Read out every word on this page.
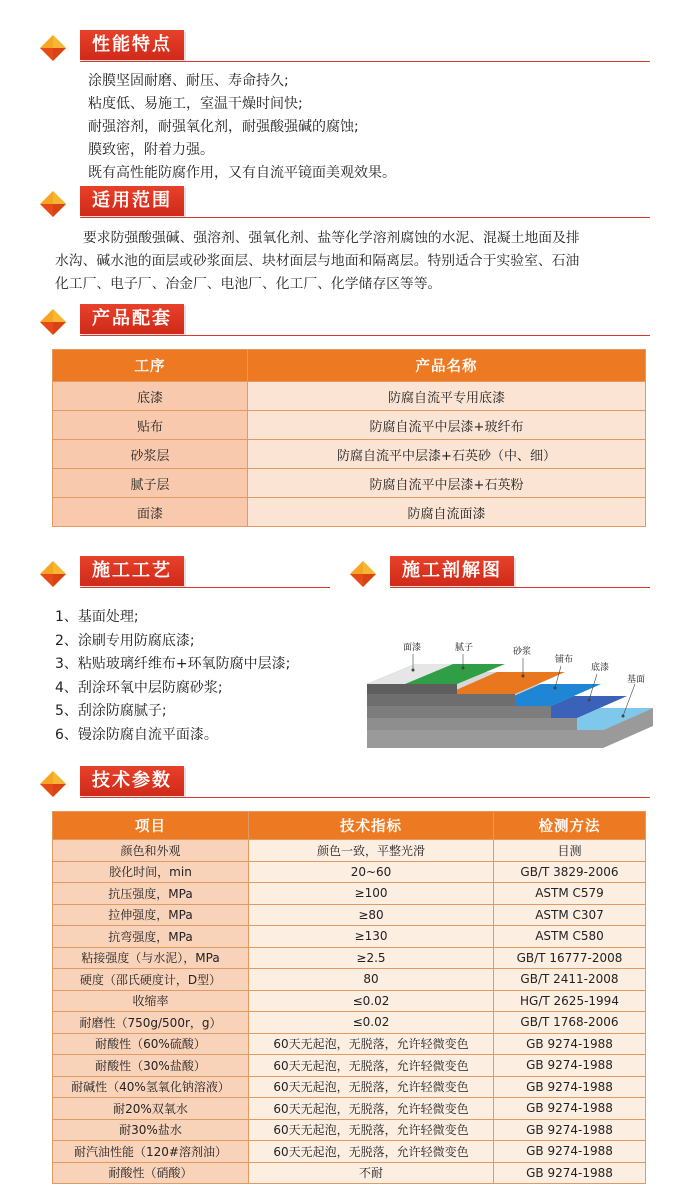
性能特点
涂膜坚固耐磨、耐压、寿命持久;
粘度低、易施工，室温干燥时间快;
耐强溶剂，耐强氧化剂，耐强酸强碱的腐蚀;
膜致密，附着力强。
既有高性能防腐作用，又有自流平镜面美观效果。
适用范围
要求防强酸强碱、强溶剂、强氧化剂、盐等化学溶剂腐蚀的水泥、混凝土地面及排
水沟、碱水池的面层或砂浆面层、块材面层与地面和隔离层。特别适合于实验室、石油
化工厂、电子厂、冶金厂、电池厂、化工厂、化学储存区等等。
产品配套
工序	产品名称
底漆	防腐自流平专用底漆
贴布	防腐自流平中层漆+玻纤布
砂浆层	防腐自流平中层漆+石英砂（中、细）
腻子层	防腐自流平中层漆+石英粉
面漆	防腐自流面漆
施工工艺
1、基面处理;
2、涂刷专用防腐底漆;
3、粘贴玻璃纤维布+环氧防腐中层漆;
4、刮涂环氧中层防腐砂浆;
5、刮涂防腐腻子;
6、镘涂防腐自流平面漆。
施工剖解图
面漆	腻子	砂浆
铺布
底漆
基面
技术参数
项目	技术指标	检测方法
颜色和外观	颜色一致，平整光滑	目测
胶化时间，min	20~60	GB/T 3829-2006
抗压强度，MPa	≥100	ASTM C579
拉伸强度，MPa	≥80	ASTM C307
抗弯强度，MPa	≥130	ASTM C580
粘接强度（与水泥），MPa	≥2.5	GB/T 16777-2008
硬度（邵氏硬度计，D型）	80	GB/T 2411-2008
收缩率	≤0.02	HG/T 2625-1994
耐磨性（750g/500r，g）	≤0.02	GB/T 1768-2006
耐酸性（60%硫酸）	60天无起泡，无脱落，允许轻微变色	GB 9274-1988
耐酸性（30%盐酸）	60天无起泡，无脱落，允许轻微变色	GB 9274-1988
耐碱性（40%氢氧化钠溶液）	60天无起泡，无脱落，允许轻微变色	GB 9274-1988
耐20%双氧水	60天无起泡，无脱落，允许轻微变色	GB 9274-1988
耐30%盐水	60天无起泡，无脱落，允许轻微变色	GB 9274-1988
耐汽油性能（120#溶剂油）	60天无起泡，无脱落，允许轻微变色	GB 9274-1988
耐酸性（硝酸）	不耐	GB 9274-1988
